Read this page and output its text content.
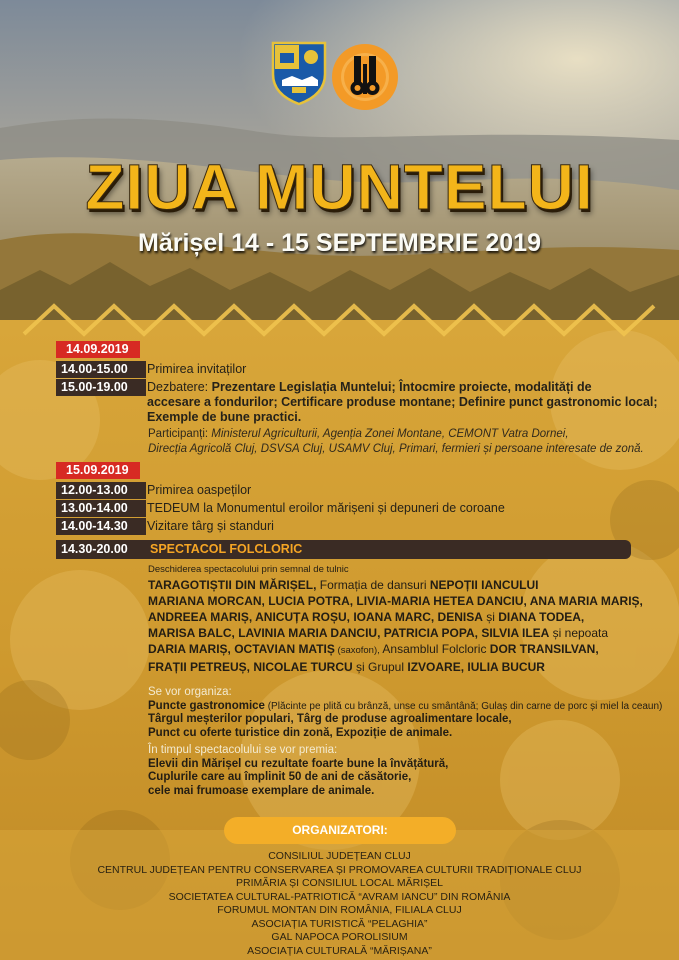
ZIUA MUNTELUI
Mărișel 14 - 15 SEPTEMBRIE 2019
14.09.2019
14.00-15.00	Primirea invitaților
15.00-19.00	Dezbatere: Prezentare Legislația Muntelui; Întocmire proiecte, modalități de
accesare a fondurilor; Certificare produse montane; Definire punct gastronomic local;
Exemple de bune practici.
Participanți: Ministerul Agriculturii, Agenția Zonei Montane, CEMONT Vatra Dornei,
Direcția Agricolă Cluj, DSVSA Cluj, USAMV Cluj, Primari, fermieri și persoane interesate de zonă.
15.09.2019
12.00-13.00	Primirea oaspeților
13.00-14.00	TEDEUM la Monumentul eroilor mărișeni și depuneri de coroane
14.00-14.30	Vizitare târg și standuri
14.30-20.00	SPECTACOL FOLCLORIC
Deschiderea spectacolului prin semnal de tulnic
TARAGOTIȘTII DIN MĂRIȘEL, Formația de dansuri NEPOȚII IANCULUI
MARIANA MORCAN, LUCIA POTRA, LIVIA-MARIA HETEA DANCIU, ANA MARIA MARIȘ,
ANDREEA MARIȘ, ANICUȚA ROȘU, IOANA MARC, DENISA și DIANA TODEA,
MARISA BALC, LAVINIA MARIA DANCIU, PATRICIA POPA, SILVIA ILEA și nepoata
DARIA MARIȘ, OCTAVIAN MATIȘ (saxofon), Ansamblul Folcloric DOR TRANSILVAN,
FRAȚII PETREUȘ, NICOLAE TURCU și Grupul IZVOARE, IULIA BUCUR
Se vor organiza:
Puncte gastronomice (Plăcinte pe plită cu brânză, unse cu smântână; Gulaș din carne de porc și miel la ceaun)
Târgul meșterilor populari, Târg de produse agroalimentare locale,
Punct cu oferte turistice din zonă, Expoziție de animale.
În timpul spectacolului se vor premia:
Elevii din Mărișel cu rezultate foarte bune la învățătură,
Cuplurile care au împlinit 50 de ani de căsătorie,
cele mai frumoase exemplare de animale.
ORGANIZATORI:
CONSILIUL JUDEȚEAN CLUJ
CENTRUL JUDEȚEAN PENTRU CONSERVAREA ȘI PROMOVAREA CULTURII TRADIȚIONALE CLUJ
PRIMĂRIA ȘI CONSILIUL LOCAL MĂRIȘEL
SOCIETATEA CULTURAL-PATRIOTICĂ “AVRAM IANCU” DIN ROMÂNIA
FORUMUL MONTAN DIN ROMÂNIA, FILIALA CLUJ
ASOCIAȚIA TURISTICĂ “PELAGHIA”
GAL NAPOCA POROLISIUM
ASOCIAȚIA CULTURALĂ “MĂRIȘANA”
